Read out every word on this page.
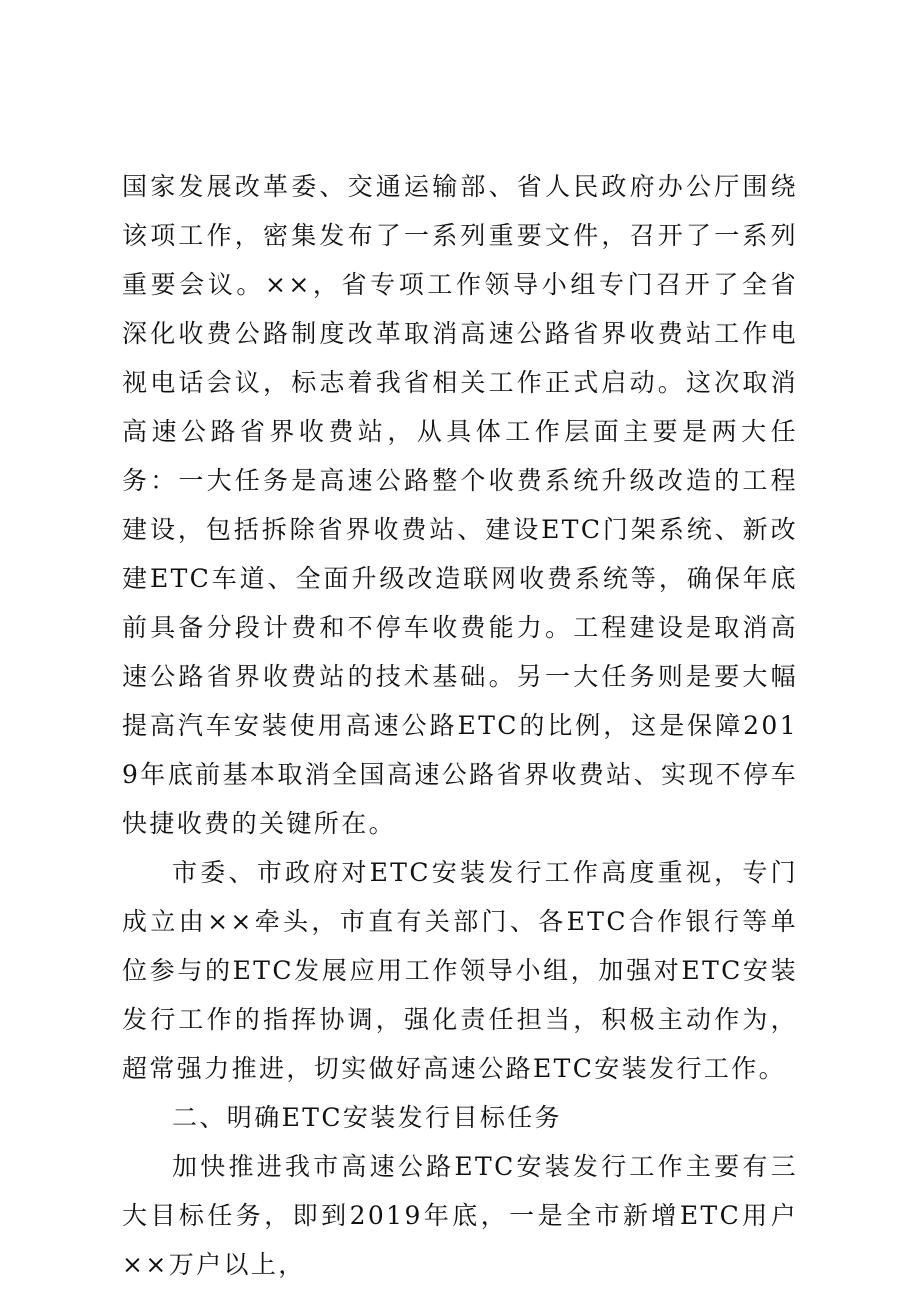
国家发展改革委、交通运输部、省人民政府办公厅围绕该项工作，密集发布了一系列重要文件，召开了一系列重要会议。××，省专项工作领导小组专门召开了全省深化收费公路制度改革取消高速公路省界收费站工作电视电话会议，标志着我省相关工作正式启动。这次取消高速公路省界收费站，从具体工作层面主要是两大任务：一大任务是高速公路整个收费系统升级改造的工程建设，包括拆除省界收费站、建设ETC门架系统、新改建ETC车道、全面升级改造联网收费系统等，确保年底前具备分段计费和不停车收费能力。工程建设是取消高速公路省界收费站的技术基础。另一大任务则是要大幅提高汽车安装使用高速公路ETC的比例，这是保障2019年底前基本取消全国高速公路省界收费站、实现不停车快捷收费的关键所在。

市委、市政府对ETC安装发行工作高度重视，专门成立由××牵头，市直有关部门、各ETC合作银行等单位参与的ETC发展应用工作领导小组，加强对ETC安装发行工作的指挥协调，强化责任担当，积极主动作为，超常强力推进，切实做好高速公路ETC安装发行工作。

二、明确ETC安装发行目标任务

加快推进我市高速公路ETC安装发行工作主要有三大目标任务，即到2019年底，一是全市新增ETC用户××万户以上，
